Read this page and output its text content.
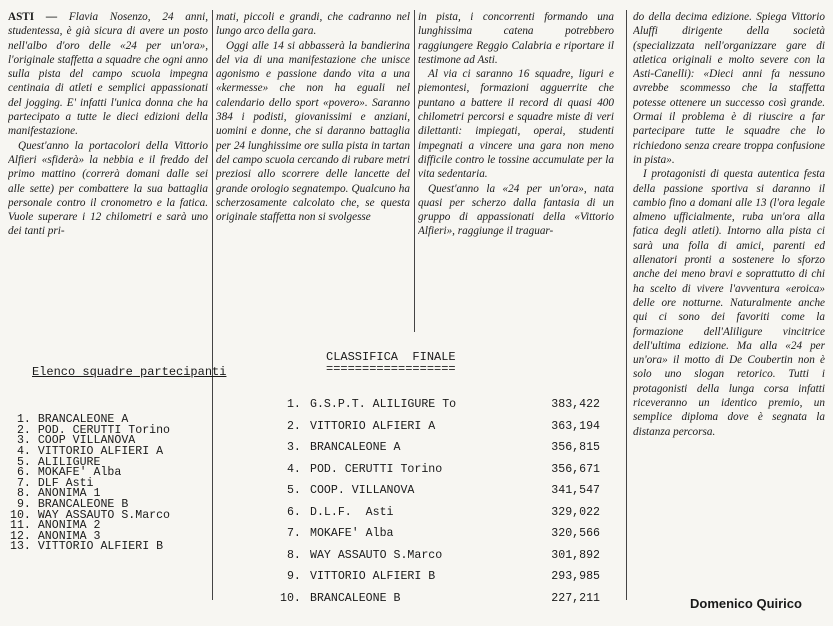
ASTI — Flavia Nosenzo, 24 anni, studentessa, è già sicura di avere un posto nell'albo d'oro delle «24 per un'ora», l'originale staffetta a squadre che ogni anno sulla pista del campo scuola impegna centinaia di atleti e semplici appassionati del jogging. E' infatti l'unica donna che ha partecipato a tutte le dieci edizioni della manifestazione.

Quest'anno la portacolori della Vittorio Alfieri «sfiderà» la nebbia e il freddo del primo mattino (correrà domani dalle sei alle sette) per combattere la sua battaglia personale contro il cronometro e la fatica. Vuole superare i 12 chilometri e sarà uno dei tanti pri-

mati, piccoli e grandi, che cadranno nel lungo arco della gara.

Oggi alle 14 si abbasserà la bandierina del via di una manifestazione che unisce agonismo e passione dando vita a una «kermesse» che non ha eguali nel calendario dello sport «povero». Saranno 384 i podisti, giovanissimi e anziani, uomini e donne, che si daranno battaglia per 24 lunghissime ore sulla pista in tartan del campo scuola cercando di rubare metri preziosi allo scorrere delle lancette del grande orologio segnatempo. Qualcuno ha scherzosamente calcolato che, se questa originale staffetta non si svolgesse

in pista, i concorrenti formando una lunghissima catena potrebbero raggiungere Reggio Calabria e riportare il testimone ad Asti.

Al via ci saranno 16 squadre, liguri e piemontesi, formazioni agguerrite che puntano a battere il record di quasi 400 chilometri percorsi e squadre miste di veri dilettanti: impiegati, operai, studenti impegnati a vincere una gara non meno difficile contro le tossine accumulate per la vita sedentaria.

Quest'anno la «24 per un'ora», nata quasi per scherzo dalla fantasia di un gruppo di appassionati della «Vittorio Alfieri», raggiunge il traguar-

do della decima edizione. Spiega Vittorio Aluffi dirigente della società (specializzata nell'organizzare gare di atletica originali e molto severe con la Asti-Canelli): «Dieci anni fa nessuno avrebbe scommesso che la staffetta potesse ottenere un successo così grande. Ormai il problema è di riuscire a far partecipare tutte le squadre che lo richiedono senza creare troppa confusione in pista».

I protagonisti di questa autentica festa della passione sportiva si daranno il cambio fino a domani alle 13 (l'ora legale almeno ufficialmente, ruba un'ora alla fatica degli atleti). Intorno alla pista ci sarà una folla di amici, parenti ed allenatori pronti a sostenere lo sforzo anche dei meno bravi e soprattutto di chi ha scelto di vivere l'avventura «eroica» delle ore notturne. Naturalmente anche qui ci sono dei favoriti come la formazione dell'Aliligure vincitrice dell'ultima edizione. Ma alla «24 per un'ora» il motto di De Coubertin non è solo uno slogan retorico. Tutti i protagonisti della lunga corsa infatti riceveranno un identico premio, un semplice diploma dove è segnata la distanza percorsa.

Domenico Quirico
Elenco squadre partecipanti

1. BRANCALEONE A
2. POD. CERUTTI Torino
3. COOP VILLANOVA
4. VITTORIO ALFIERI A
5. ALILIGURE
6. MOKAFE' Alba
7. DLF Asti
8. ANONIMA 1
9. BRANCALEONE B
10. WAY ASSAUTO S.Marco
11. ANONIMA 2
12. ANONIMA 3
13. VITTORIO ALFIERI B

CLASSIFICA  FINALE
==================
1.	G.S.P.T. ALILIGURE To	383,422
2.	VITTORIO ALFIERI A	363,194
3.	BRANCALEONE A	356,815
4.	POD. CERUTTI Torino	356,671
5.	COOP. VILLANOVA	341,547
6.	D.L.F.  Asti	329,022
7.	MOKAFE' Alba	320,566
8.	WAY ASSAUTO S.Marco	301,892
9.	VITTORIO ALFIERI B	293,985
10.	BRANCALEONE B	227,211
